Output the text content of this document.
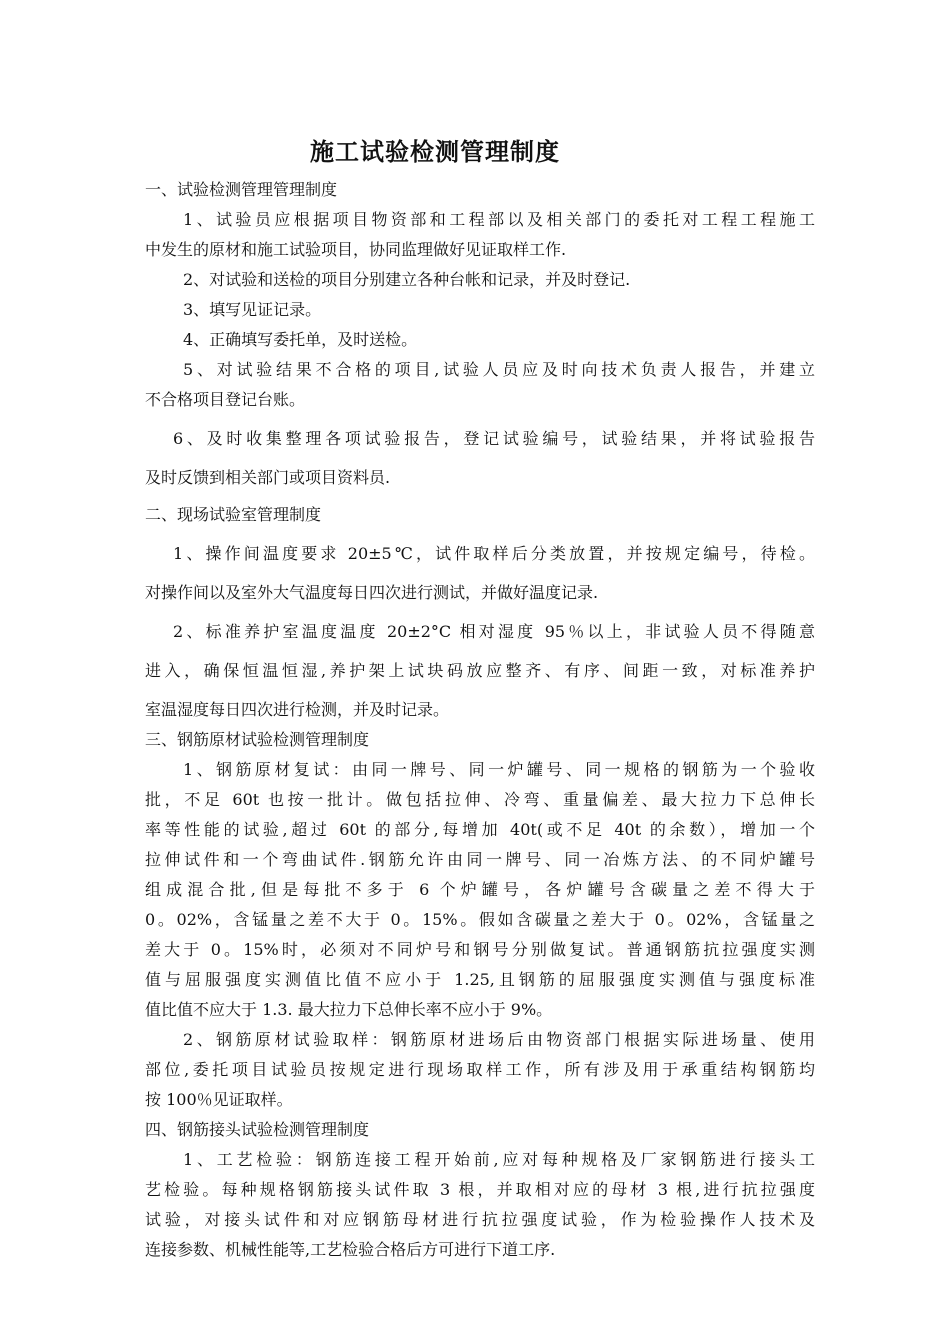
施工试验检测管理制度
一、试验检测管理管理制度
1、试验员应根据项目物资部和工程部以及相关部门的委托对工程工程施工
中发生的原材和施工试验项目，协同监理做好见证取样工作.
2、对试验和送检的项目分别建立各种台帐和记录，并及时登记.
3、填写见证记录。
4、正确填写委托单，及时送检。
5、对试验结果不合格的项目,试验人员应及时向技术负责人报告，并建立
不合格项目登记台账。
6、及时收集整理各项试验报告，登记试验编号，试验结果，并将试验报告
及时反馈到相关部门或项目资料员.
二、现场试验室管理制度
1、操作间温度要求 20±5℃，试件取样后分类放置，并按规定编号，待检。
对操作间以及室外大气温度每日四次进行测试，并做好温度记录.
2、标准养护室温度温度 20±2°C 相对湿度 95％以上，非试验人员不得随意
进入，确保恒温恒湿,养护架上试块码放应整齐、有序、间距一致，对标准养护
室温湿度每日四次进行检测，并及时记录。
三、钢筋原材试验检测管理制度
1、钢筋原材复试：由同一牌号、同一炉罐号、同一规格的钢筋为一个验收
批，不足 60t 也按一批计。做包括拉伸、冷弯、重量偏差、最大拉力下总伸长
率等性能的试验,超过 60t 的部分,每增加 40t(或不足 40t 的余数），增加一个
拉伸试件和一个弯曲试件.钢筋允许由同一牌号、同一冶炼方法、的不同炉罐号
组成混合批,但是每批不多于 6 个炉罐号，各炉罐号含碳量之差不得大于
0。02%，含锰量之差不大于 0。15%。假如含碳量之差大于 0。02%，含锰量之
差大于 0。15%时，必须对不同炉号和钢号分别做复试。普通钢筋抗拉强度实测
值与屈服强度实测值比值不应小于 1.25,且钢筋的屈服强度实测值与强度标准
值比值不应大于 1.3. 最大拉力下总伸长率不应小于 9%。
2、钢筋原材试验取样：钢筋原材进场后由物资部门根据实际进场量、使用
部位,委托项目试验员按规定进行现场取样工作，所有涉及用于承重结构钢筋均
按 100％见证取样。
四、钢筋接头试验检测管理制度
1、工艺检验：钢筋连接工程开始前,应对每种规格及厂家钢筋进行接头工
艺检验。每种规格钢筋接头试件取 3 根，并取相对应的母材 3 根,进行抗拉强度
试验，对接头试件和对应钢筋母材进行抗拉强度试验，作为检验操作人技术及
连接参数、机械性能等,工艺检验合格后方可进行下道工序.
